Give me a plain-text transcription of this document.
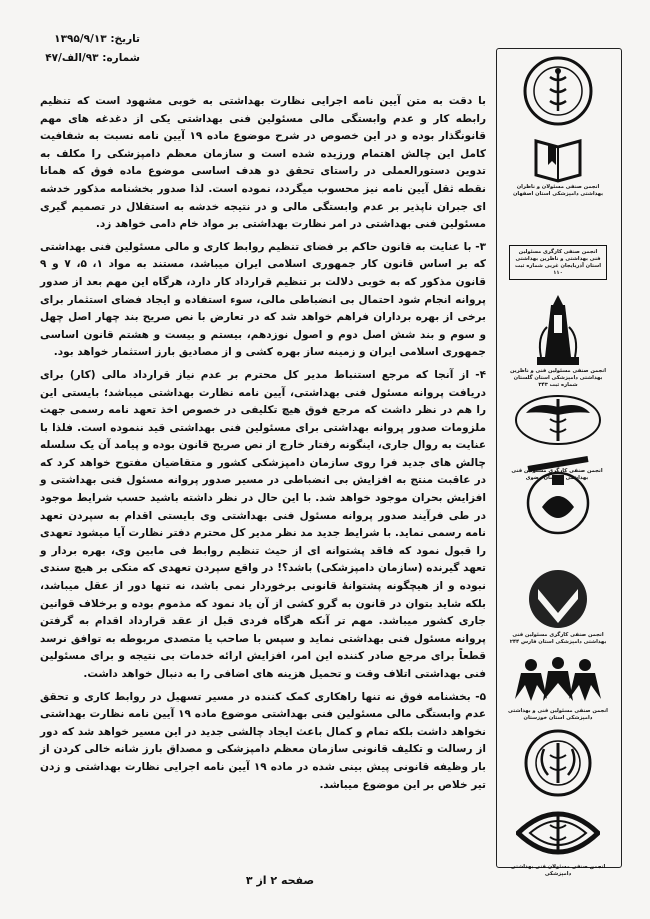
تاریخ: ۱۳۹۵/۹/۱۳
شماره: ۹۳/الف/۴۷
انجمن صنفی مسئولان و ناظران بهداشتی دامپزشکی استان اصفهان
انجمن صنفی کارگری مسئولین فنی بهداشتی و ناظرین بهداشتی استان آذربایجان غربی شماره ثبت ۱۱۰
انجمن صنفی مسئولین فنی و ناظرین بهداشتی دامپزشکی استان گلستان شماره ثبت ۳۴۳
انجمن صنفی کارگری مسئولین فنی بهداشتی خراسان رضوی
انجمن صنفی کارگری مسئولین فنی بهداشتی دامپزشکی استان فارس ۲۴۴
انجمن صنفی مسئولین فنی و بهداشتی دامپزشکی استان خوزستان
انجمن صنفی مسئولان فنی بهداشتی دامپزشکی

با دقت به متن آیین نامه اجرایی نظارت بهداشتی به خوبی مشهود است که تنظیم رابطه کار و عدم وابستگی مالی مسئولین فنی بهداشتی یکی از دغدغه های مهم قانونگذار بوده و در این خصوص در شرح موضوع ماده ۱۹ آیین نامه نسبت به شفافیت کامل این چالش اهتمام ورزیده شده است و سازمان معظم دامپزشکی را مکلف به تدوین دستورالعملی در راستای تحقق دو هدف اساسی موضوع ماده فوق که همانا نقطه ثقل آیین نامه نیز محسوب میگردد، نموده است. لذا صدور بخشنامه مذکور خدشه ای جبران ناپذیر بر عدم وابستگی مالی و در نتیجه خدشه به استقلال در تصمیم گیری مسئولین فنی بهداشتی در امر نظارت بهداشتی بر مواد خام دامی خواهد زد.

۳- با عنایت به قانون حاکم بر فضای تنظیم روابط کاری و مالی مسئولین فنی بهداشتی که بر اساس قانون کار جمهوری اسلامی ایران میباشد، مستند به مواد ۱، ۵، ۷ و ۹ قانون مذکور که به خوبی دلالت بر تنظیم قرارداد کار دارد، هرگاه این مهم بعد از صدور پروانه انجام شود احتمال بی انضباطی مالی، سوء استفاده و ایجاد فضای استثمار برای برخی از بهره برداران فراهم خواهد شد که در تعارض با نص صریح بند چهار اصل چهل و سوم و بند شش اصل دوم و اصول نوزدهم، بیستم و بیست و هشتم قانون اساسی جمهوری اسلامی ایران و زمینه ساز بهره کشی و از مصادیق بارز استثمار خواهد بود.

۴- از آنجا که مرجع استنباط مدیر کل محترم بر عدم نیاز قرارداد مالی (کار) برای دریافت پروانه مسئول فنی بهداشتی، آیین نامه نظارت بهداشتی میباشد؛ بایستی این را هم در نظر داشت که مرجع فوق هیچ تکلیفی در خصوص اخذ تعهد نامه رسمی جهت ملزومات صدور پروانه بهداشتی برای مسئولین فنی بهداشتی قید ننموده است. فلذا با عنایت به روال جاری، اینگونه رفتار خارج از نص صریح قانون بوده و پیامد آن یک سلسله چالش های جدید فرا روی سازمان دامپزشکی کشور و متقاضیان مفتوح خواهد کرد که در عاقبت منتج به افزایش بی انضباطی در مسیر صدور پروانه مسئول فنی بهداشتی و افزایش بحران موجود خواهد شد. با این حال در نظر داشته باشید حسب شرایط موجود در طی فرآیند صدور پروانه مسئول فنی بهداشتی وی بایستی اقدام به سپردن تعهد نامه رسمی نماید. با شرایط جدید مد نظر مدیر کل محترم دفتر نظارت آیا میشود تعهدی را قبول نمود که فاقد پشتوانه ای از حیث تنظیم روابط فی مابین وی، بهره بردار و تعهد گیرنده (سازمان دامپزشکی) باشد؟! در واقع سپردن تعهدی که متکی بر هیچ سندی نبوده و از هیچگونه پشتوانۀ قانونی برخوردار نمی باشد، نه تنها دور از عقل میباشد، بلکه شاید بتوان در قانون به گرو کشی از آن یاد نمود که مذموم بوده و برخلاف قوانین جاری کشور میباشد. مهم تر آنکه هرگاه فردی قبل از عقد قرارداد اقدام به گرفتن پروانه مسئول فنی بهداشتی نماید و سپس با صاحب یا متصدی مربوطه به توافق نرسد قطعاً برای مرجع صادر کننده این امر، افزایش ارائه خدمات بی نتیجه و برای مسئولین فنی بهداشتی اتلاف وقت و تحمیل هزینه های اضافی را به دنبال خواهد داشت.

۵- بخشنامه فوق نه تنها راهکاری کمک کننده در مسیر تسهیل در روابط کاری و تحقق عدم وابستگی مالی مسئولین فنی بهداشتی موضوع ماده ۱۹ آیین نامه نظارت بهداشتی نخواهد داشت بلکه تمام و کمال باعث ایجاد چالشی جدید در این مسیر خواهد شد که دور از رسالت و تکلیف قانونی سازمان معظم دامپزشکی و مصداق بارز شانه خالی کردن از بار وظیفه قانونی پیش بینی شده در ماده ۱۹ آیین نامه اجرایی نظارت بهداشتی و زدن تیر خلاص بر این موضوع میباشد.

صفحه ۲ از ۳
